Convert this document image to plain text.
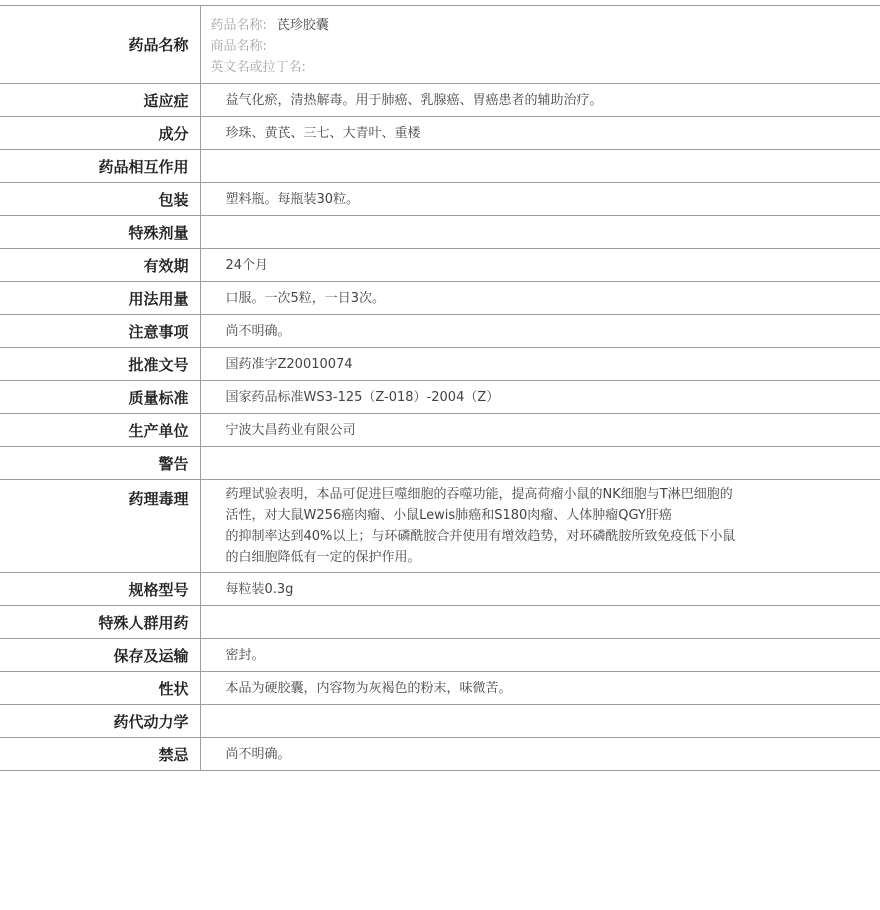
药品名称	药品名称: 芪珍胶囊
商品名称:
英文名或拉丁名:

适应症	益气化瘀，清热解毒。用于肺癌、乳腺癌、胃癌患者的辅助治疗。
成分	珍珠、黄芪、三七、大青叶、重楼
药品相互作用	
包装	塑料瓶。每瓶装30粒。
特殊剂量	
有效期	24个月
用法用量	口服。一次5粒，一日3次。
注意事项	尚不明确。
批准文号	国药准字Z20010074
质量标准	国家药品标准WS3-125（Z-018）-2004（Z）
生产单位	宁波大昌药业有限公司
警告	
药理毒理	药理试验表明，本品可促进巨噬细胞的吞噬功能，提高荷瘤小鼠的NK细胞与T淋巴细胞的
活性，对大鼠W256癌肉瘤、小鼠Lewis肺癌和S180肉瘤、人体肿瘤QGY肝癌
的抑制率达到40%以上；与环磷酰胺合并使用有增效趋势，对环磷酰胺所致免疫低下小鼠
的白细胞降低有一定的保护作用。

规格型号	每粒装0.3g
特殊人群用药	
保存及运输	密封。
性状	本品为硬胶囊，内容物为灰褐色的粉末，味微苦。
药代动力学	
禁忌	尚不明确。
